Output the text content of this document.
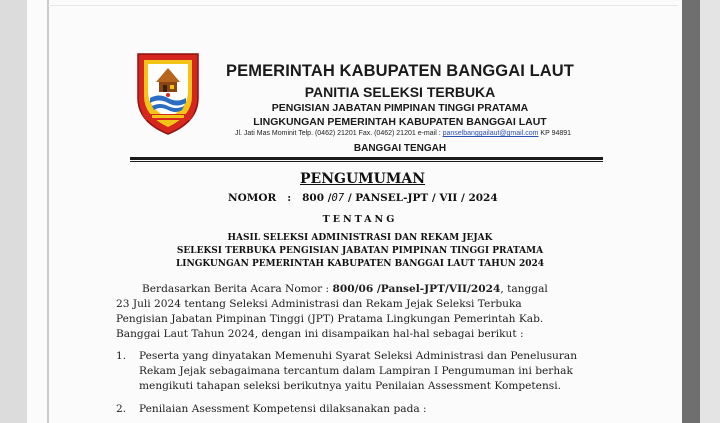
PEMERINTAH KABUPATEN BANGGAI LAUT
PANITIA SELEKSI TERBUKA
PENGISIAN JABATAN PIMPINAN TINGGI PRATAMA
LINGKUNGAN PEMERINTAH KABUPATEN BANGGAI LAUT
Jl. Jati Mas Mominit Telp. (0462) 21201 Fax. (0462) 21201 e-mail : panselbanggailaut@gmail.com KP 94891
BANGGAI TENGAH
PENGUMUMAN
NOMOR : 800 /07 / PANSEL-JPT / VII / 2024
TENTANG
HASIL SELEKSI ADMINISTRASI DAN REKAM JEJAK
SELEKSI TERBUKA PENGISIAN JABATAN PIMPINAN TINGGI PRATAMA
LINGKUNGAN PEMERINTAH KABUPATEN BANGGAI LAUT TAHUN 2024
Berdasarkan Berita Acara Nomor : 800/06 /Pansel-JPT/VII/2024, tanggal
23 Juli 2024 tentang Seleksi Administrasi dan Rekam Jejak Seleksi Terbuka
Pengisian Jabatan Pimpinan Tinggi (JPT) Pratama Lingkungan Pemerintah Kab.
Banggai Laut Tahun 2024, dengan ini disampaikan hal-hal sebagai berikut :
1. Peserta yang dinyatakan Memenuhi Syarat Seleksi Administrasi dan Penelusuran
Rekam Jejak sebagaimana tercantum dalam Lampiran I Pengumuman ini berhak
mengikuti tahapan seleksi berikutnya yaitu Penilaian Assessment Kompetensi.
2. Penilaian Asessment Kompetensi dilaksanakan pada :
